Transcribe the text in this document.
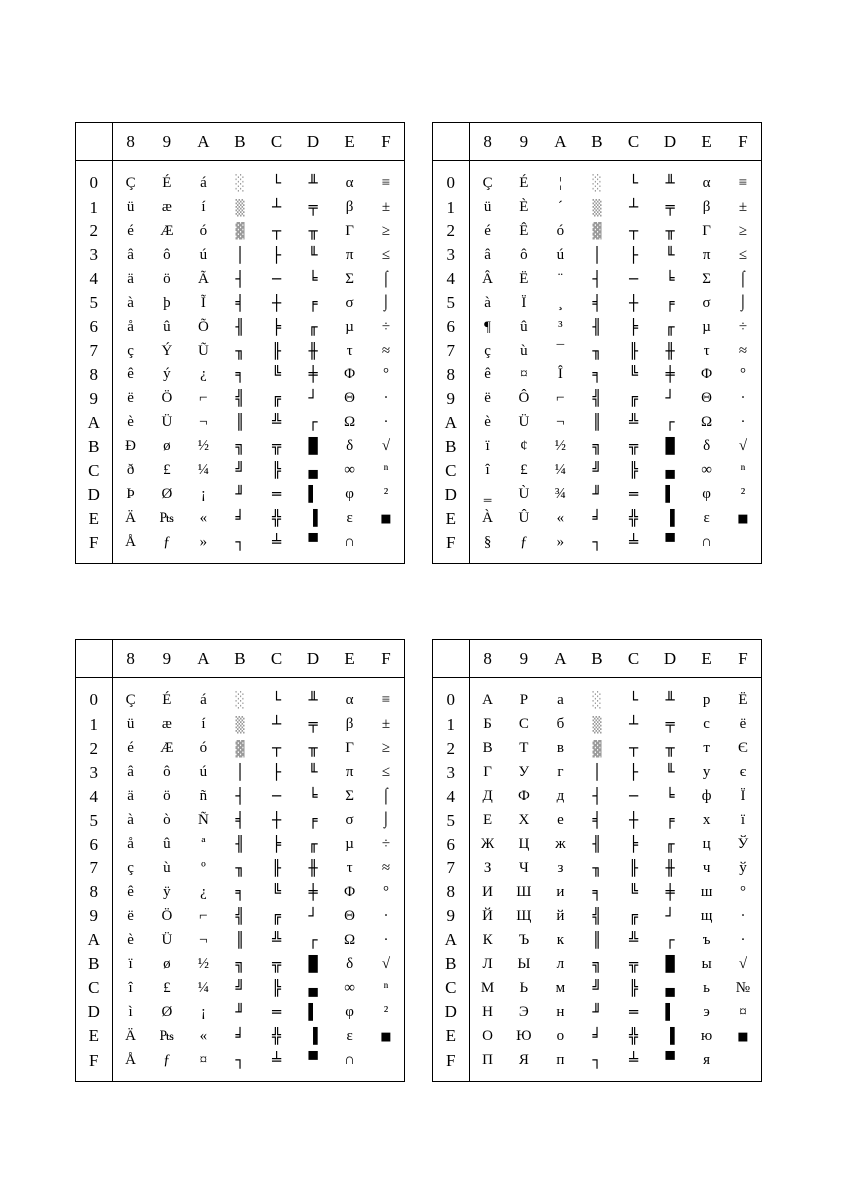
	8	9	A	B	C	D	E	F
0	Ç	É	á	░	└	╨	α	≡
1	ü	æ	í	▒	┴	╤	β	±
2	é	Æ	ó	▓	┬	╥	Γ	≥
3	â	ô	ú	│	├	╙	π	≤
4	ä	ö	Ã	┤	─	╘	Σ	⌠
5	à	þ	Ĩ	╡	┼	╒	σ	⌡
6	å	û	Õ	╢	╞	╓	µ	÷
7	ç	Ý	Ũ	╖	╟	╫	τ	≈
8	ê	ý	¿	╕	╚	╪	Φ	°
9	ë	Ö	⌐	╣	╔	┘	Θ	∙
A	è	Ü	¬	║	╩	┌	Ω	·
B	Ð	ø	½	╗	╦	█	δ	√
C	ð	£	¼	╝	╠	▄	∞	ⁿ
D	Þ	Ø	¡	╜	═	▌	φ	²
E	Ä	₧	«	╛	╬	▐	ε	■
F	Å	ƒ	»	┐	╧	▀	∩	
	8	9	A	B	C	D	E	F
0	Ç	É	¦	░	└	╨	α	≡
1	ü	È	´	▒	┴	╤	β	±
2	é	Ê	ó	▓	┬	╥	Γ	≥
3	â	ô	ú	│	├	╙	π	≤
4	Â	Ë	¨	┤	─	╘	Σ	⌠
5	à	Ï	¸	╡	┼	╒	σ	⌡
6	¶	û	³	╢	╞	╓	µ	÷
7	ç	ù	¯	╖	╟	╫	τ	≈
8	ê	¤	Î	╕	╚	╪	Φ	°
9	ë	Ô	⌐	╣	╔	┘	Θ	∙
A	è	Ü	¬	║	╩	┌	Ω	·
B	ï	¢	½	╗	╦	█	δ	√
C	î	£	¼	╝	╠	▄	∞	ⁿ
D	‗	Ù	¾	╜	═	▌	φ	²
E	À	Û	«	╛	╬	▐	ε	■
F	§	ƒ	»	┐	╧	▀	∩	
	8	9	A	B	C	D	E	F
0	Ç	É	á	░	└	╨	α	≡
1	ü	æ	í	▒	┴	╤	β	±
2	é	Æ	ó	▓	┬	╥	Γ	≥
3	â	ô	ú	│	├	╙	π	≤
4	ä	ö	ñ	┤	─	╘	Σ	⌠
5	à	ò	Ñ	╡	┼	╒	σ	⌡
6	å	û	ª	╢	╞	╓	µ	÷
7	ç	ù	º	╖	╟	╫	τ	≈
8	ê	ÿ	¿	╕	╚	╪	Φ	°
9	ë	Ö	⌐	╣	╔	┘	Θ	∙
A	è	Ü	¬	║	╩	┌	Ω	·
B	ï	ø	½	╗	╦	█	δ	√
C	î	£	¼	╝	╠	▄	∞	ⁿ
D	ì	Ø	¡	╜	═	▌	φ	²
E	Ä	₧	«	╛	╬	▐	ε	■
F	Å	ƒ	¤	┐	╧	▀	∩	
	8	9	A	B	C	D	E	F
0	А	Р	а	░	└	╨	р	Ё
1	Б	С	б	▒	┴	╤	с	ё
2	В	Т	в	▓	┬	╥	т	Є
3	Г	У	г	│	├	╙	у	є
4	Д	Ф	д	┤	─	╘	ф	Ї
5	Е	Х	е	╡	┼	╒	х	ї
6	Ж	Ц	ж	╢	╞	╓	ц	Ў
7	З	Ч	з	╖	╟	╫	ч	ў
8	И	Ш	и	╕	╚	╪	ш	°
9	Й	Щ	й	╣	╔	┘	щ	∙
A	К	Ъ	к	║	╩	┌	ъ	·
B	Л	Ы	л	╗	╦	█	ы	√
C	М	Ь	м	╝	╠	▄	ь	№
D	Н	Э	н	╜	═	▌	э	¤
E	О	Ю	о	╛	╬	▐	ю	■
F	П	Я	п	┐	╧	▀	я	
